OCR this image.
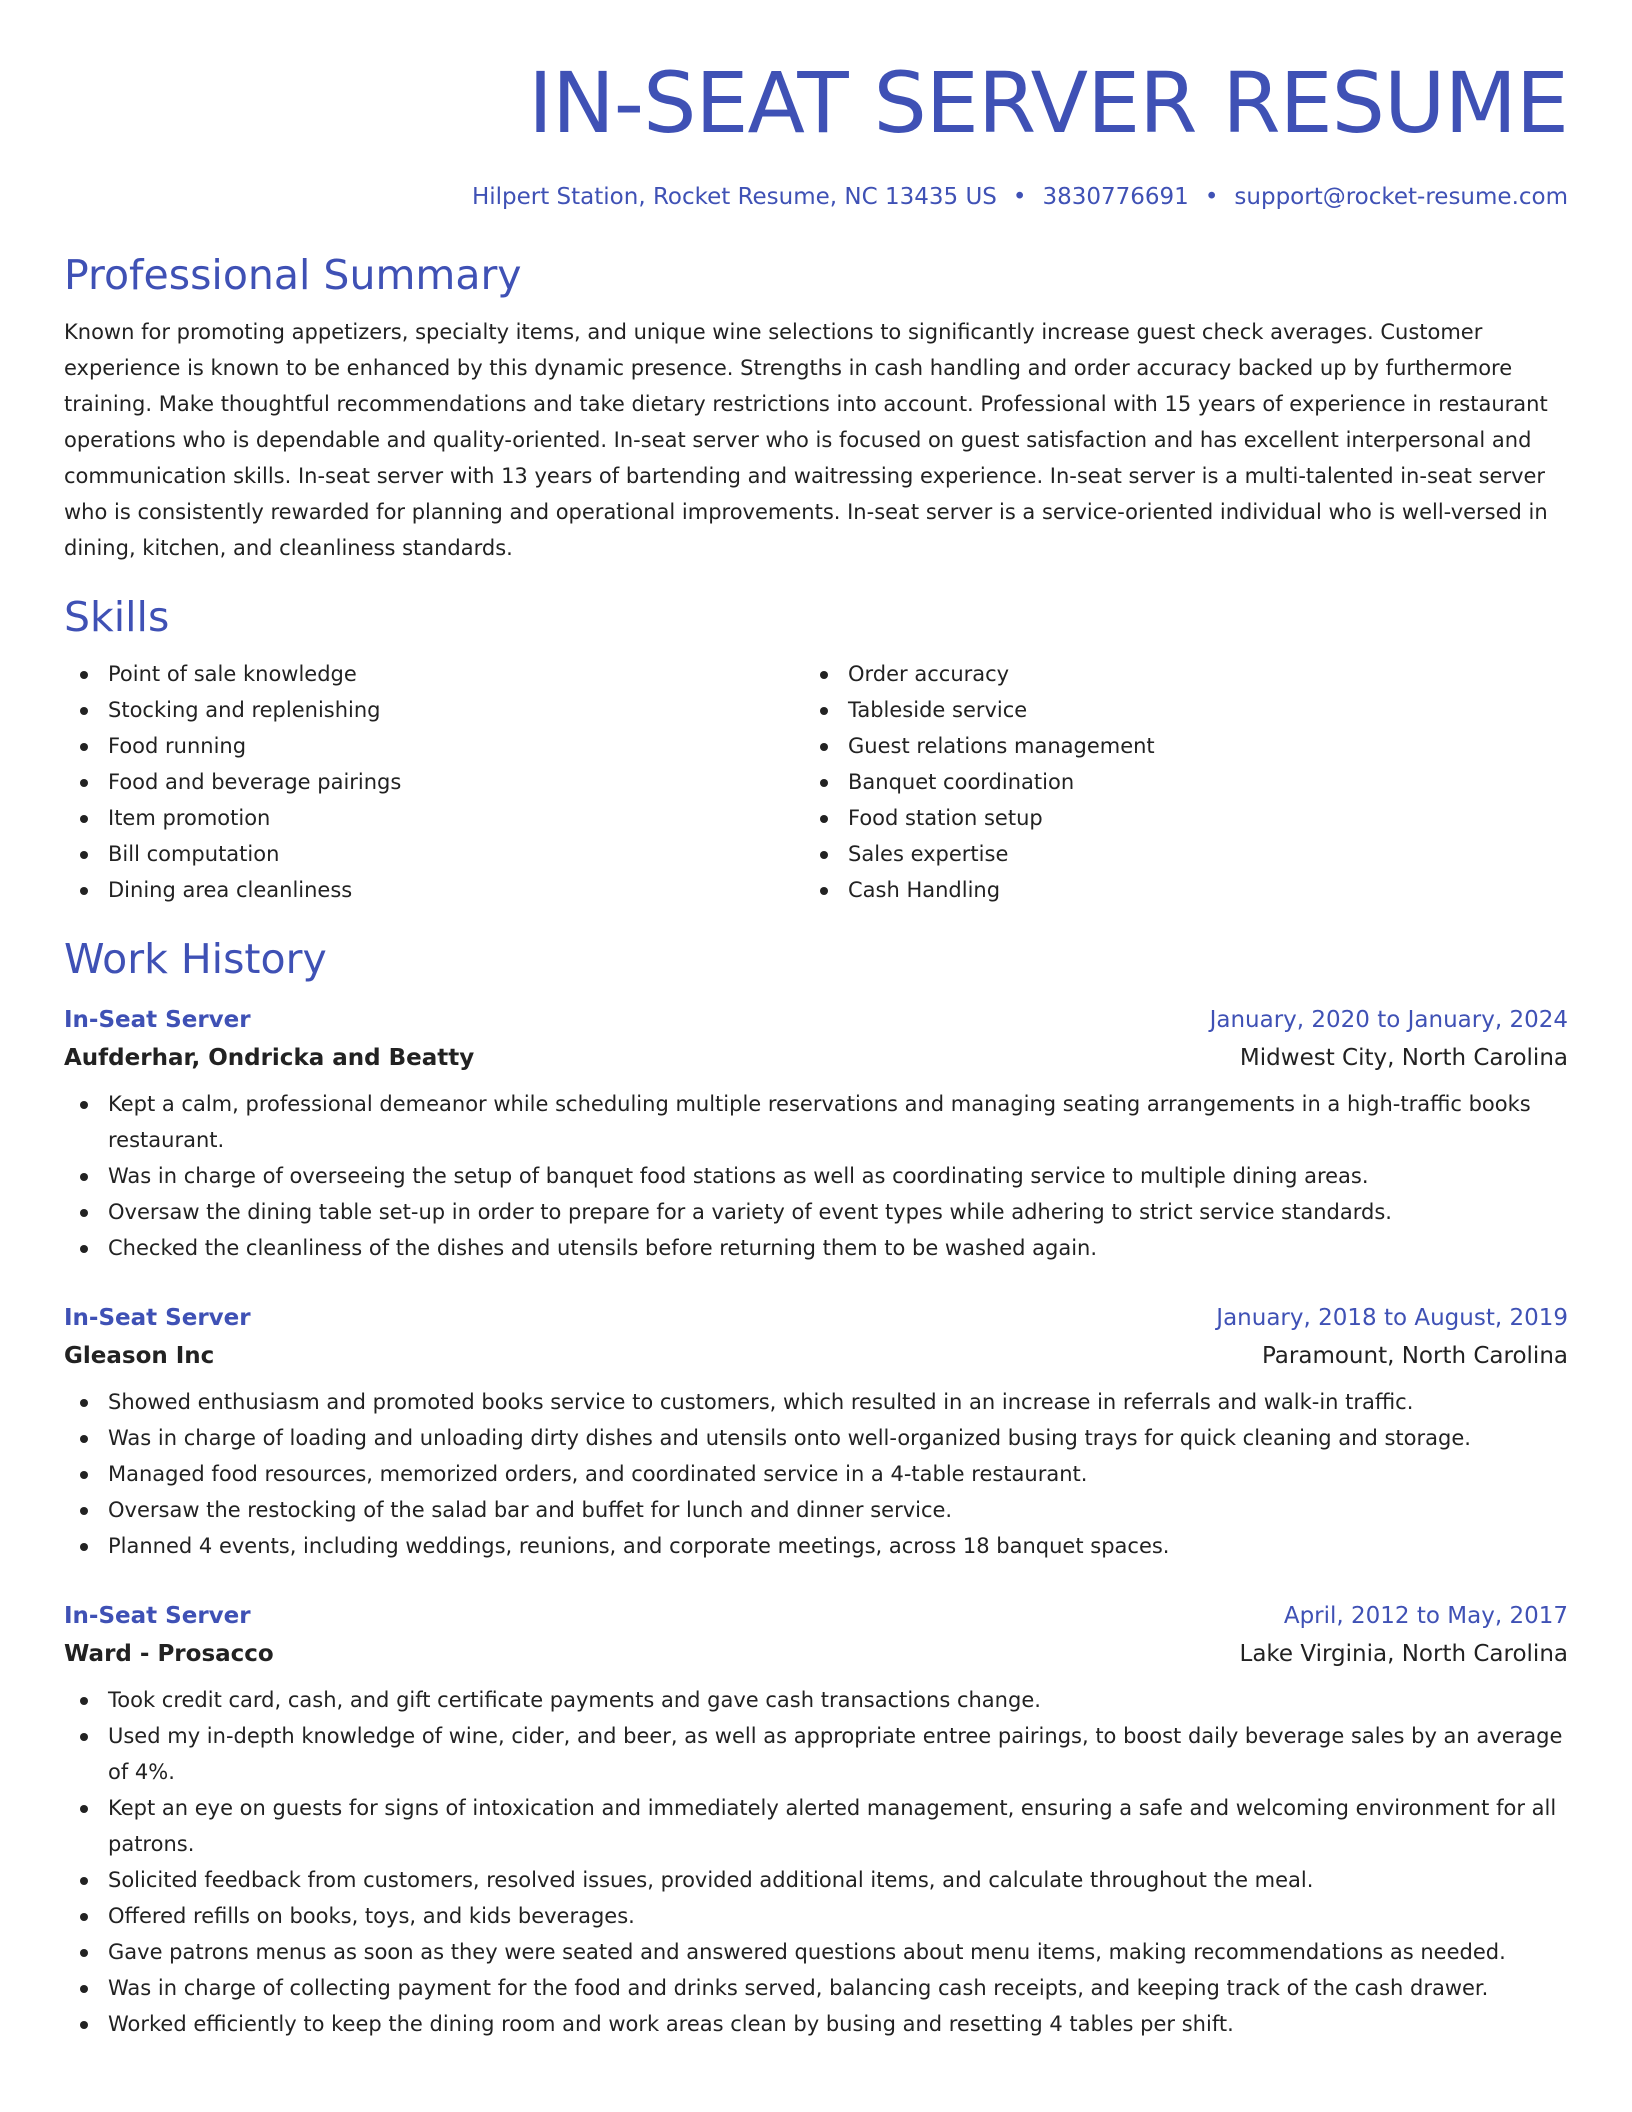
IN-SEAT SERVER RESUME
Hilpert Station, Rocket Resume, NC 13435 US • 3830776691 • support@rocket-resume.com
Professional Summary

Known for promoting appetizers, specialty items, and unique wine selections to significantly increase guest check averages. Customer experience is known to be enhanced by this dynamic presence. Strengths in cash handling and order accuracy backed up by furthermore training. Make thoughtful recommendations and take dietary restrictions into account. Professional with 15 years of experience in restaurant operations who is dependable and quality-oriented. In-seat server who is focused on guest satisfaction and has excellent interpersonal and communication skills. In-seat server with 13 years of bartending and waitressing experience. In-seat server is a multi-talented in-seat server who is consistently rewarded for planning and operational improvements. In-seat server is a service-oriented individual who is well-versed in dining, kitchen, and cleanliness standards.

Skills
Point of sale knowledge
Stocking and replenishing
Food running
Food and beverage pairings
Item promotion
Bill computation
Dining area cleanliness
Order accuracy
Tableside service
Guest relations management
Banquet coordination
Food station setup
Sales expertise
Cash Handling
Work History
In-Seat Server	January, 2020 to January, 2024
Aufderhar, Ondricka and Beatty	Midwest City, North Carolina
Kept a calm, professional demeanor while scheduling multiple reservations and managing seating arrangements in a high-traffic books restaurant.
Was in charge of overseeing the setup of banquet food stations as well as coordinating service to multiple dining areas.
Oversaw the dining table set-up in order to prepare for a variety of event types while adhering to strict service standards.
Checked the cleanliness of the dishes and utensils before returning them to be washed again.
In-Seat Server	January, 2018 to August, 2019
Gleason Inc	Paramount, North Carolina
Showed enthusiasm and promoted books service to customers, which resulted in an increase in referrals and walk-in traffic.
Was in charge of loading and unloading dirty dishes and utensils onto well-organized busing trays for quick cleaning and storage.
Managed food resources, memorized orders, and coordinated service in a 4-table restaurant.
Oversaw the restocking of the salad bar and buffet for lunch and dinner service.
Planned 4 events, including weddings, reunions, and corporate meetings, across 18 banquet spaces.
In-Seat Server	April, 2012 to May, 2017
Ward - Prosacco	Lake Virginia, North Carolina
Took credit card, cash, and gift certificate payments and gave cash transactions change.
Used my in-depth knowledge of wine, cider, and beer, as well as appropriate entree pairings, to boost daily beverage sales by an average of 4%.
Kept an eye on guests for signs of intoxication and immediately alerted management, ensuring a safe and welcoming environment for all patrons.
Solicited feedback from customers, resolved issues, provided additional items, and calculate throughout the meal.
Offered refills on books, toys, and kids beverages.
Gave patrons menus as soon as they were seated and answered questions about menu items, making recommendations as needed.
Was in charge of collecting payment for the food and drinks served, balancing cash receipts, and keeping track of the cash drawer.
Worked efficiently to keep the dining room and work areas clean by busing and resetting 4 tables per shift.
